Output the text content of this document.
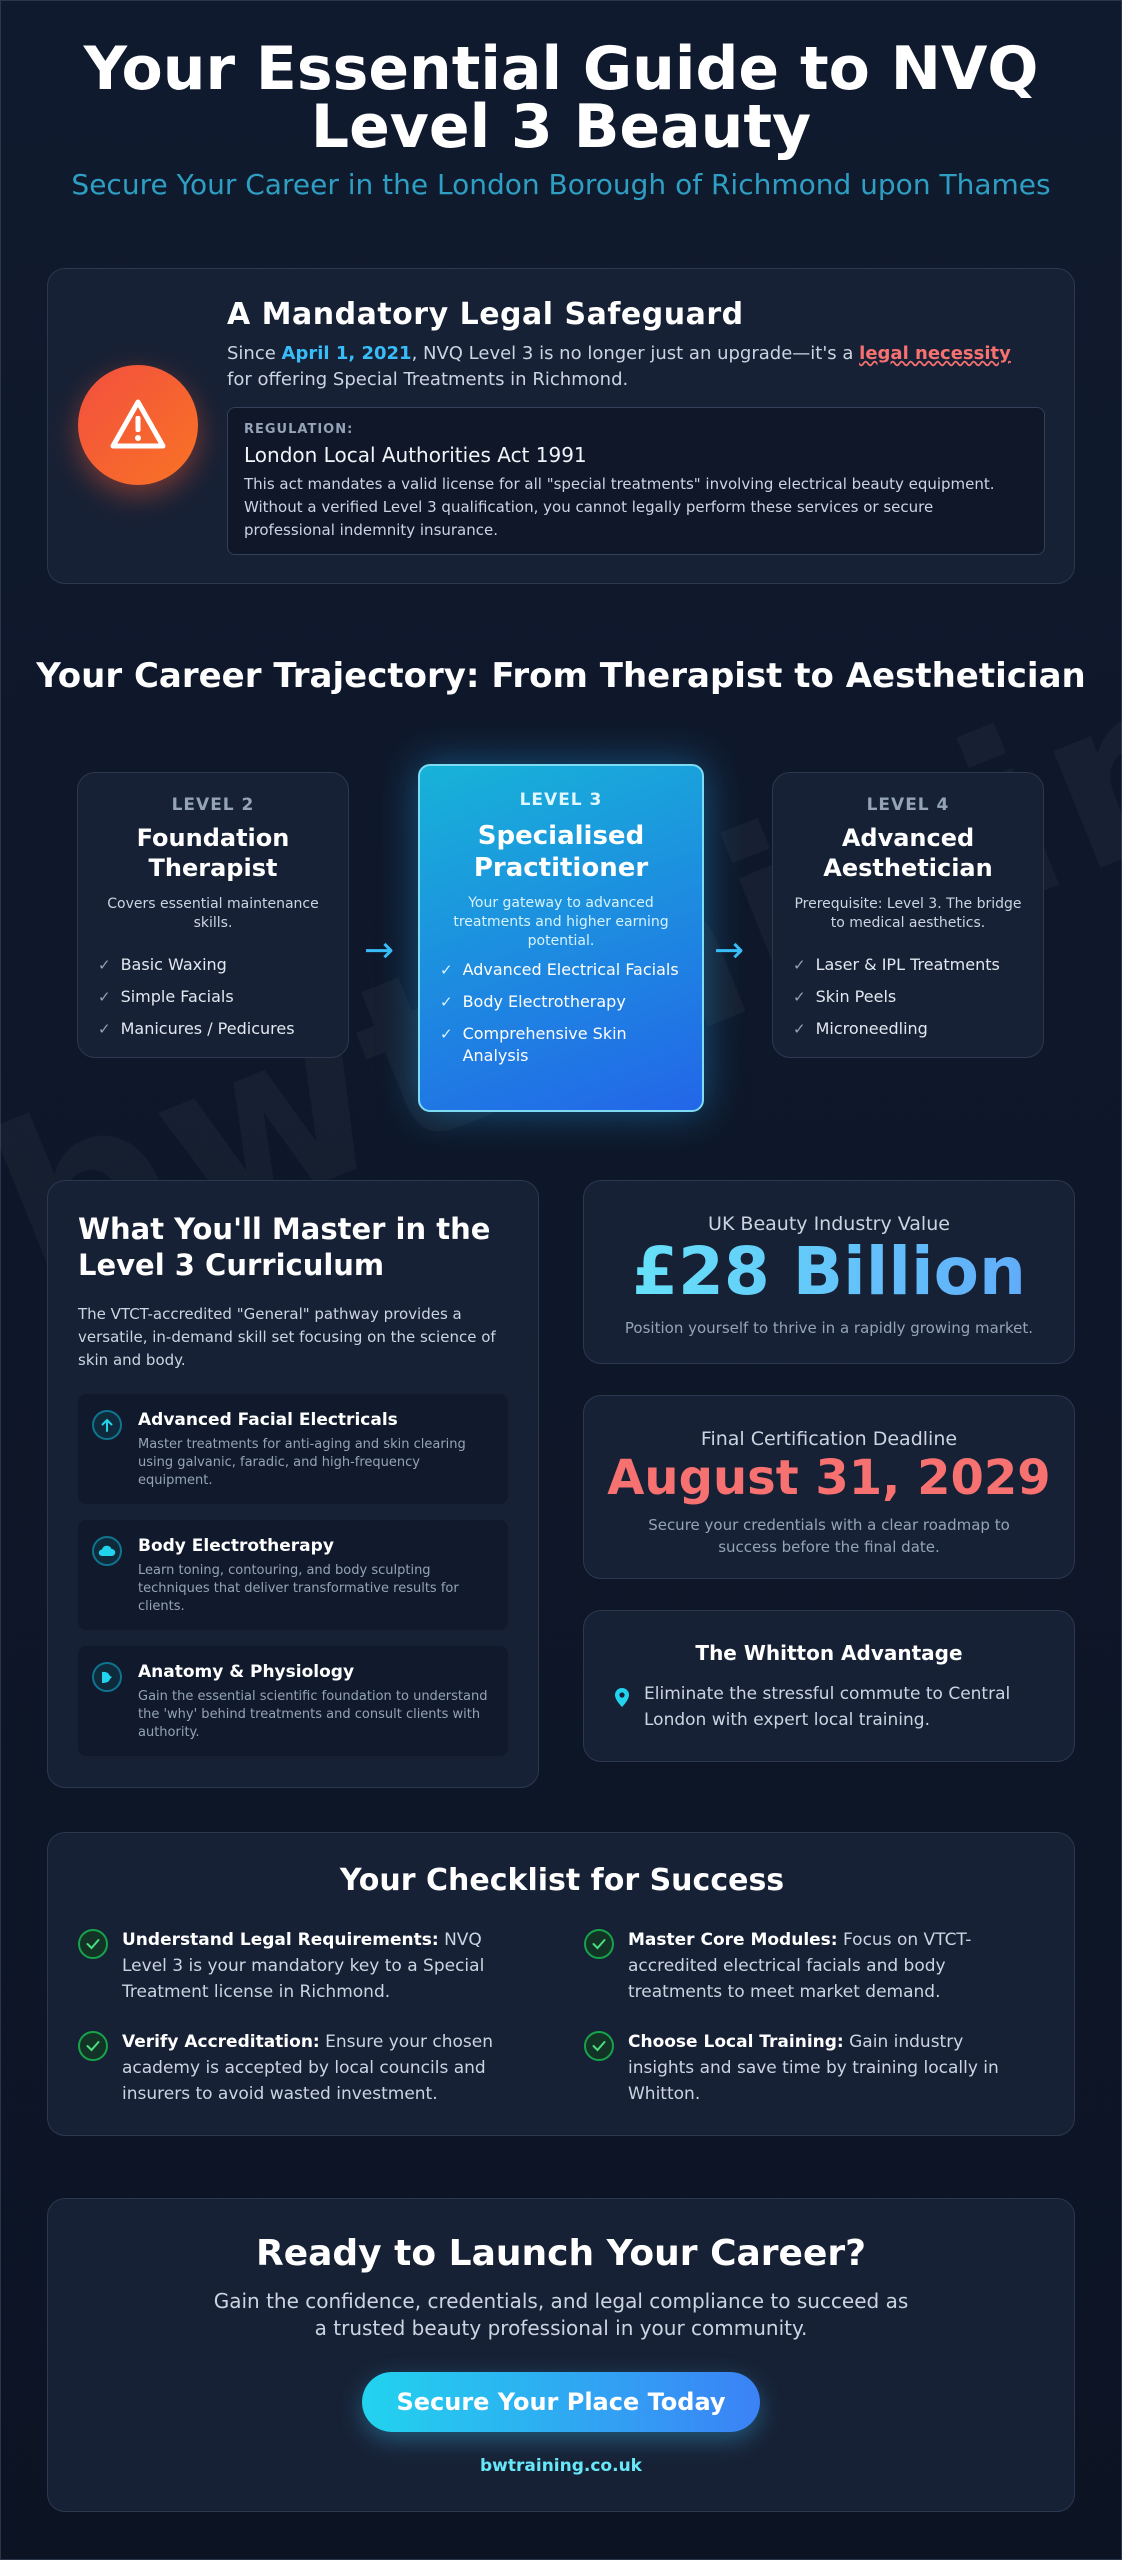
Your Essential Guide to NVQ Level 3 Beauty
Secure Your Career in the London Borough of Richmond upon Thames
A Mandatory Legal Safeguard
Since April 1, 2021, NVQ Level 3 is no longer just an upgrade—it's a legal necessity for offering Special Treatments in Richmond.
REGULATION:
London Local Authorities Act 1991
This act mandates a valid license for all "special treatments" involving electrical beauty equipment. Without a verified Level 3 qualification, you cannot legally perform these services or secure professional indemnity insurance.
Your Career Trajectory: From Therapist to Aesthetician
LEVEL 2
Foundation Therapist
Covers essential maintenance skills.
✓ Basic Waxing
✓ Simple Facials
✓ Manicures / Pedicures
→
LEVEL 3
Specialised Practitioner
Your gateway to advanced treatments and higher earning potential.
✓ Advanced Electrical Facials
✓ Body Electrotherapy
✓ Comprehensive Skin Analysis
→
LEVEL 4
Advanced Aesthetician
Prerequisite: Level 3. The bridge to medical aesthetics.
✓ Laser & IPL Treatments
✓ Skin Peels
✓ Microneedling
What You'll Master in the Level 3 Curriculum
The VTCT-accredited "General" pathway provides a versatile, in-demand skill set focusing on the science of skin and body.
Advanced Facial Electricals
Master treatments for anti-aging and skin clearing using galvanic, faradic, and high-frequency equipment.
Body Electrotherapy
Learn toning, contouring, and body sculpting techniques that deliver transformative results for clients.
Anatomy & Physiology
Gain the essential scientific foundation to understand the 'why' behind treatments and consult clients with authority.
UK Beauty Industry Value
£28 Billion
Position yourself to thrive in a rapidly growing market.
Final Certification Deadline
August 31, 2029
Secure your credentials with a clear roadmap to success before the final date.
The Whitton Advantage
Eliminate the stressful commute to Central London with expert local training.
Your Checklist for Success
Understand Legal Requirements: NVQ Level 3 is your mandatory key to a Special Treatment license in Richmond.
Master Core Modules: Focus on VTCT-accredited electrical facials and body treatments to meet market demand.
Verify Accreditation: Ensure your chosen academy is accepted by local councils and insurers to avoid wasted investment.
Choose Local Training: Gain industry insights and save time by training locally in Whitton.
Ready to Launch Your Career?
Gain the confidence, credentials, and legal compliance to succeed as a trusted beauty professional in your community.
Secure Your Place Today
bwtraining.co.uk
